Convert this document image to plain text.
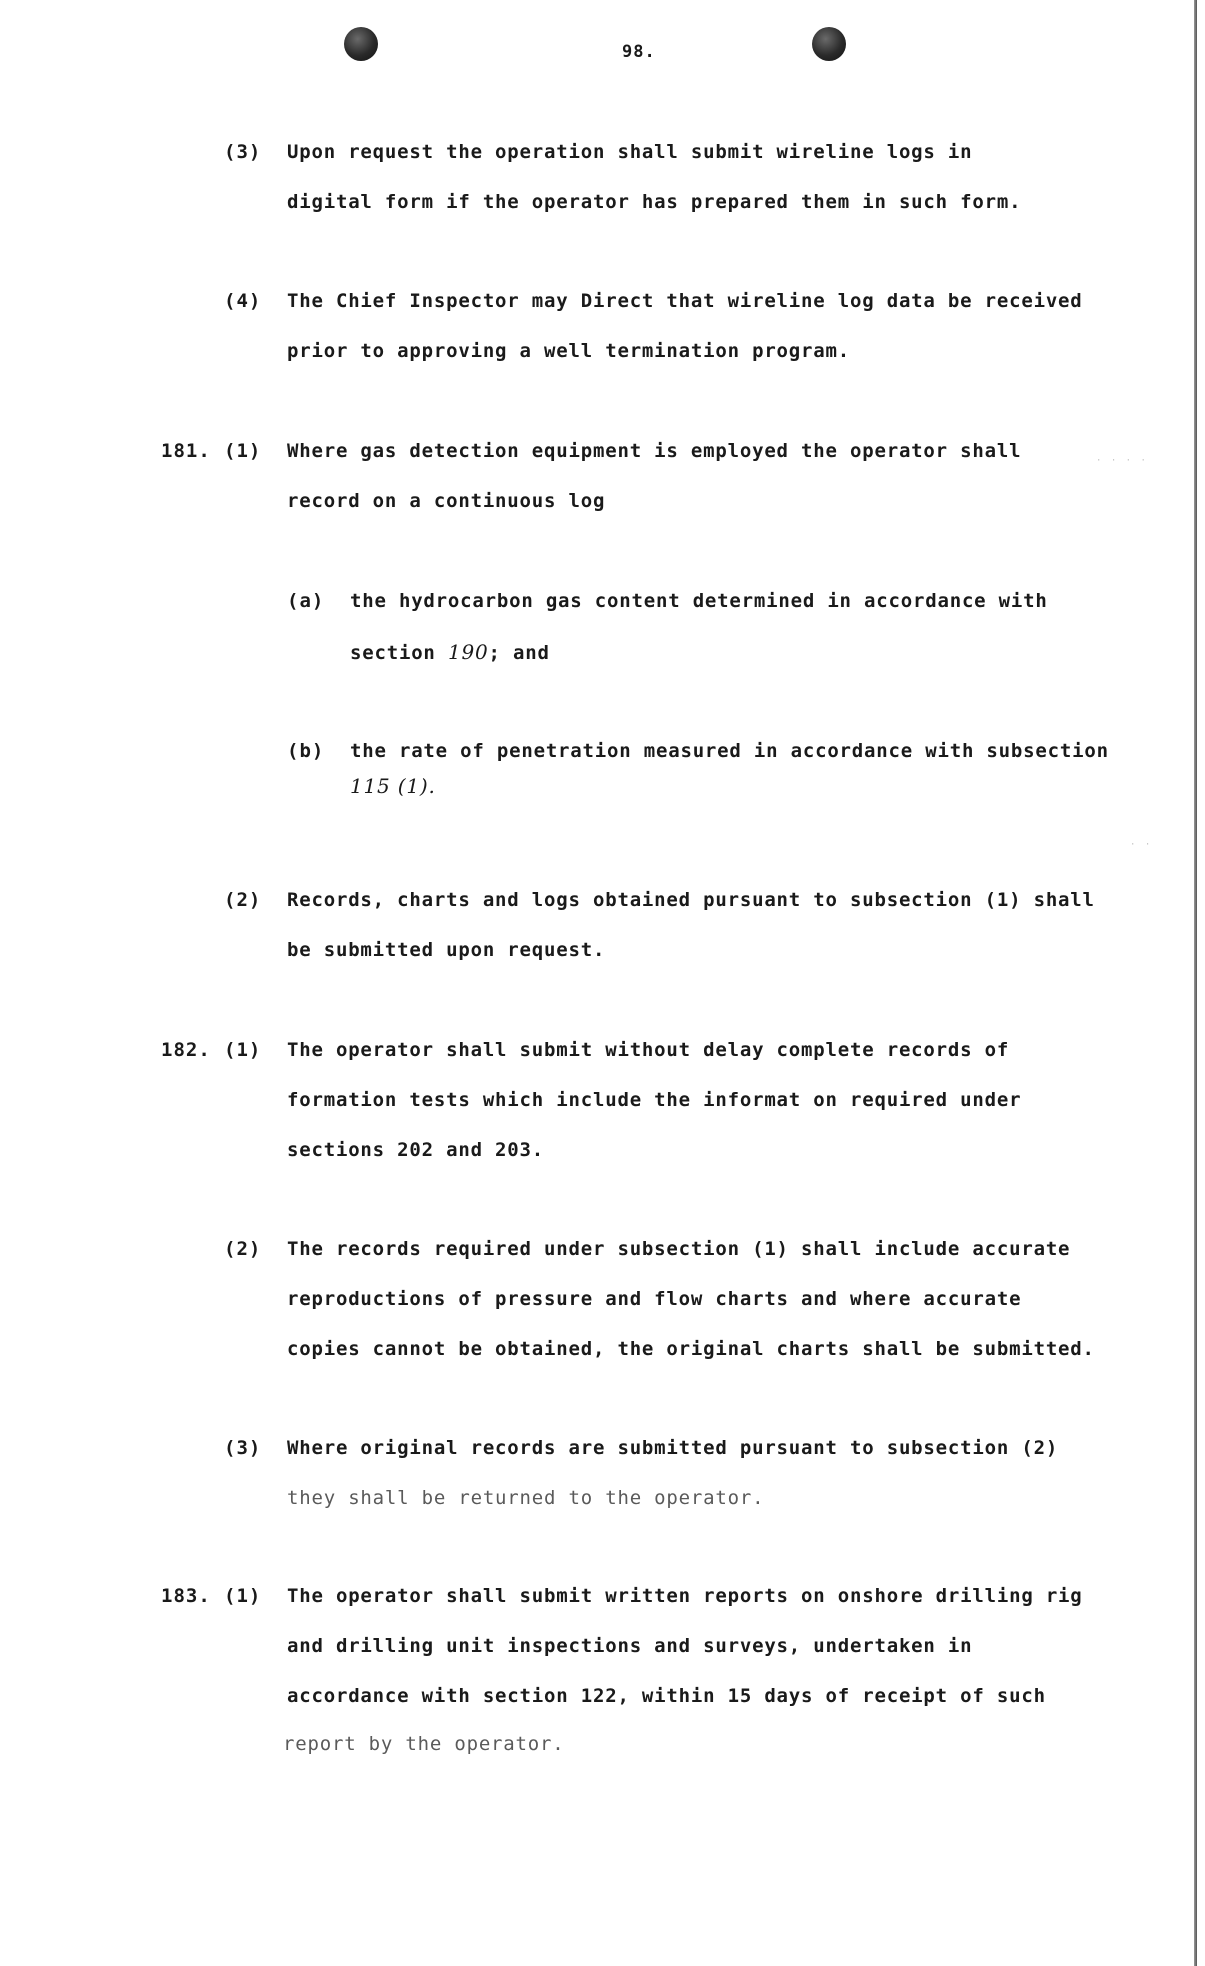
98.
(3) Upon request the operation shall submit wireline logs in
digital form if the operator has prepared them in such form.
(4) The Chief Inspector may Direct that wireline log data be received
prior to approving a well termination program.
181. (1) Where gas detection equipment is employed the operator shall
record on a continuous log
· · · ·
(a) the hydrocarbon gas content determined in accordance with
section 190; and
(b) the rate of penetration measured in accordance with subsection
115 (1).
· ·
(2) Records, charts and logs obtained pursuant to subsection (1) shall
be submitted upon request.
182. (1) The operator shall submit without delay complete records of
formation tests which include the informat on required under
sections 202 and 203.
(2) The records required under subsection (1) shall include accurate
reproductions of pressure and flow charts and where accurate
copies cannot be obtained, the original charts shall be submitted.
(3) Where original records are submitted pursuant to subsection (2)
they shall be returned to the operator.
183. (1) The operator shall submit written reports on onshore drilling rig
and drilling unit inspections and surveys, undertaken in
accordance with section 122, within 15 days of receipt of such
report by the operator.
